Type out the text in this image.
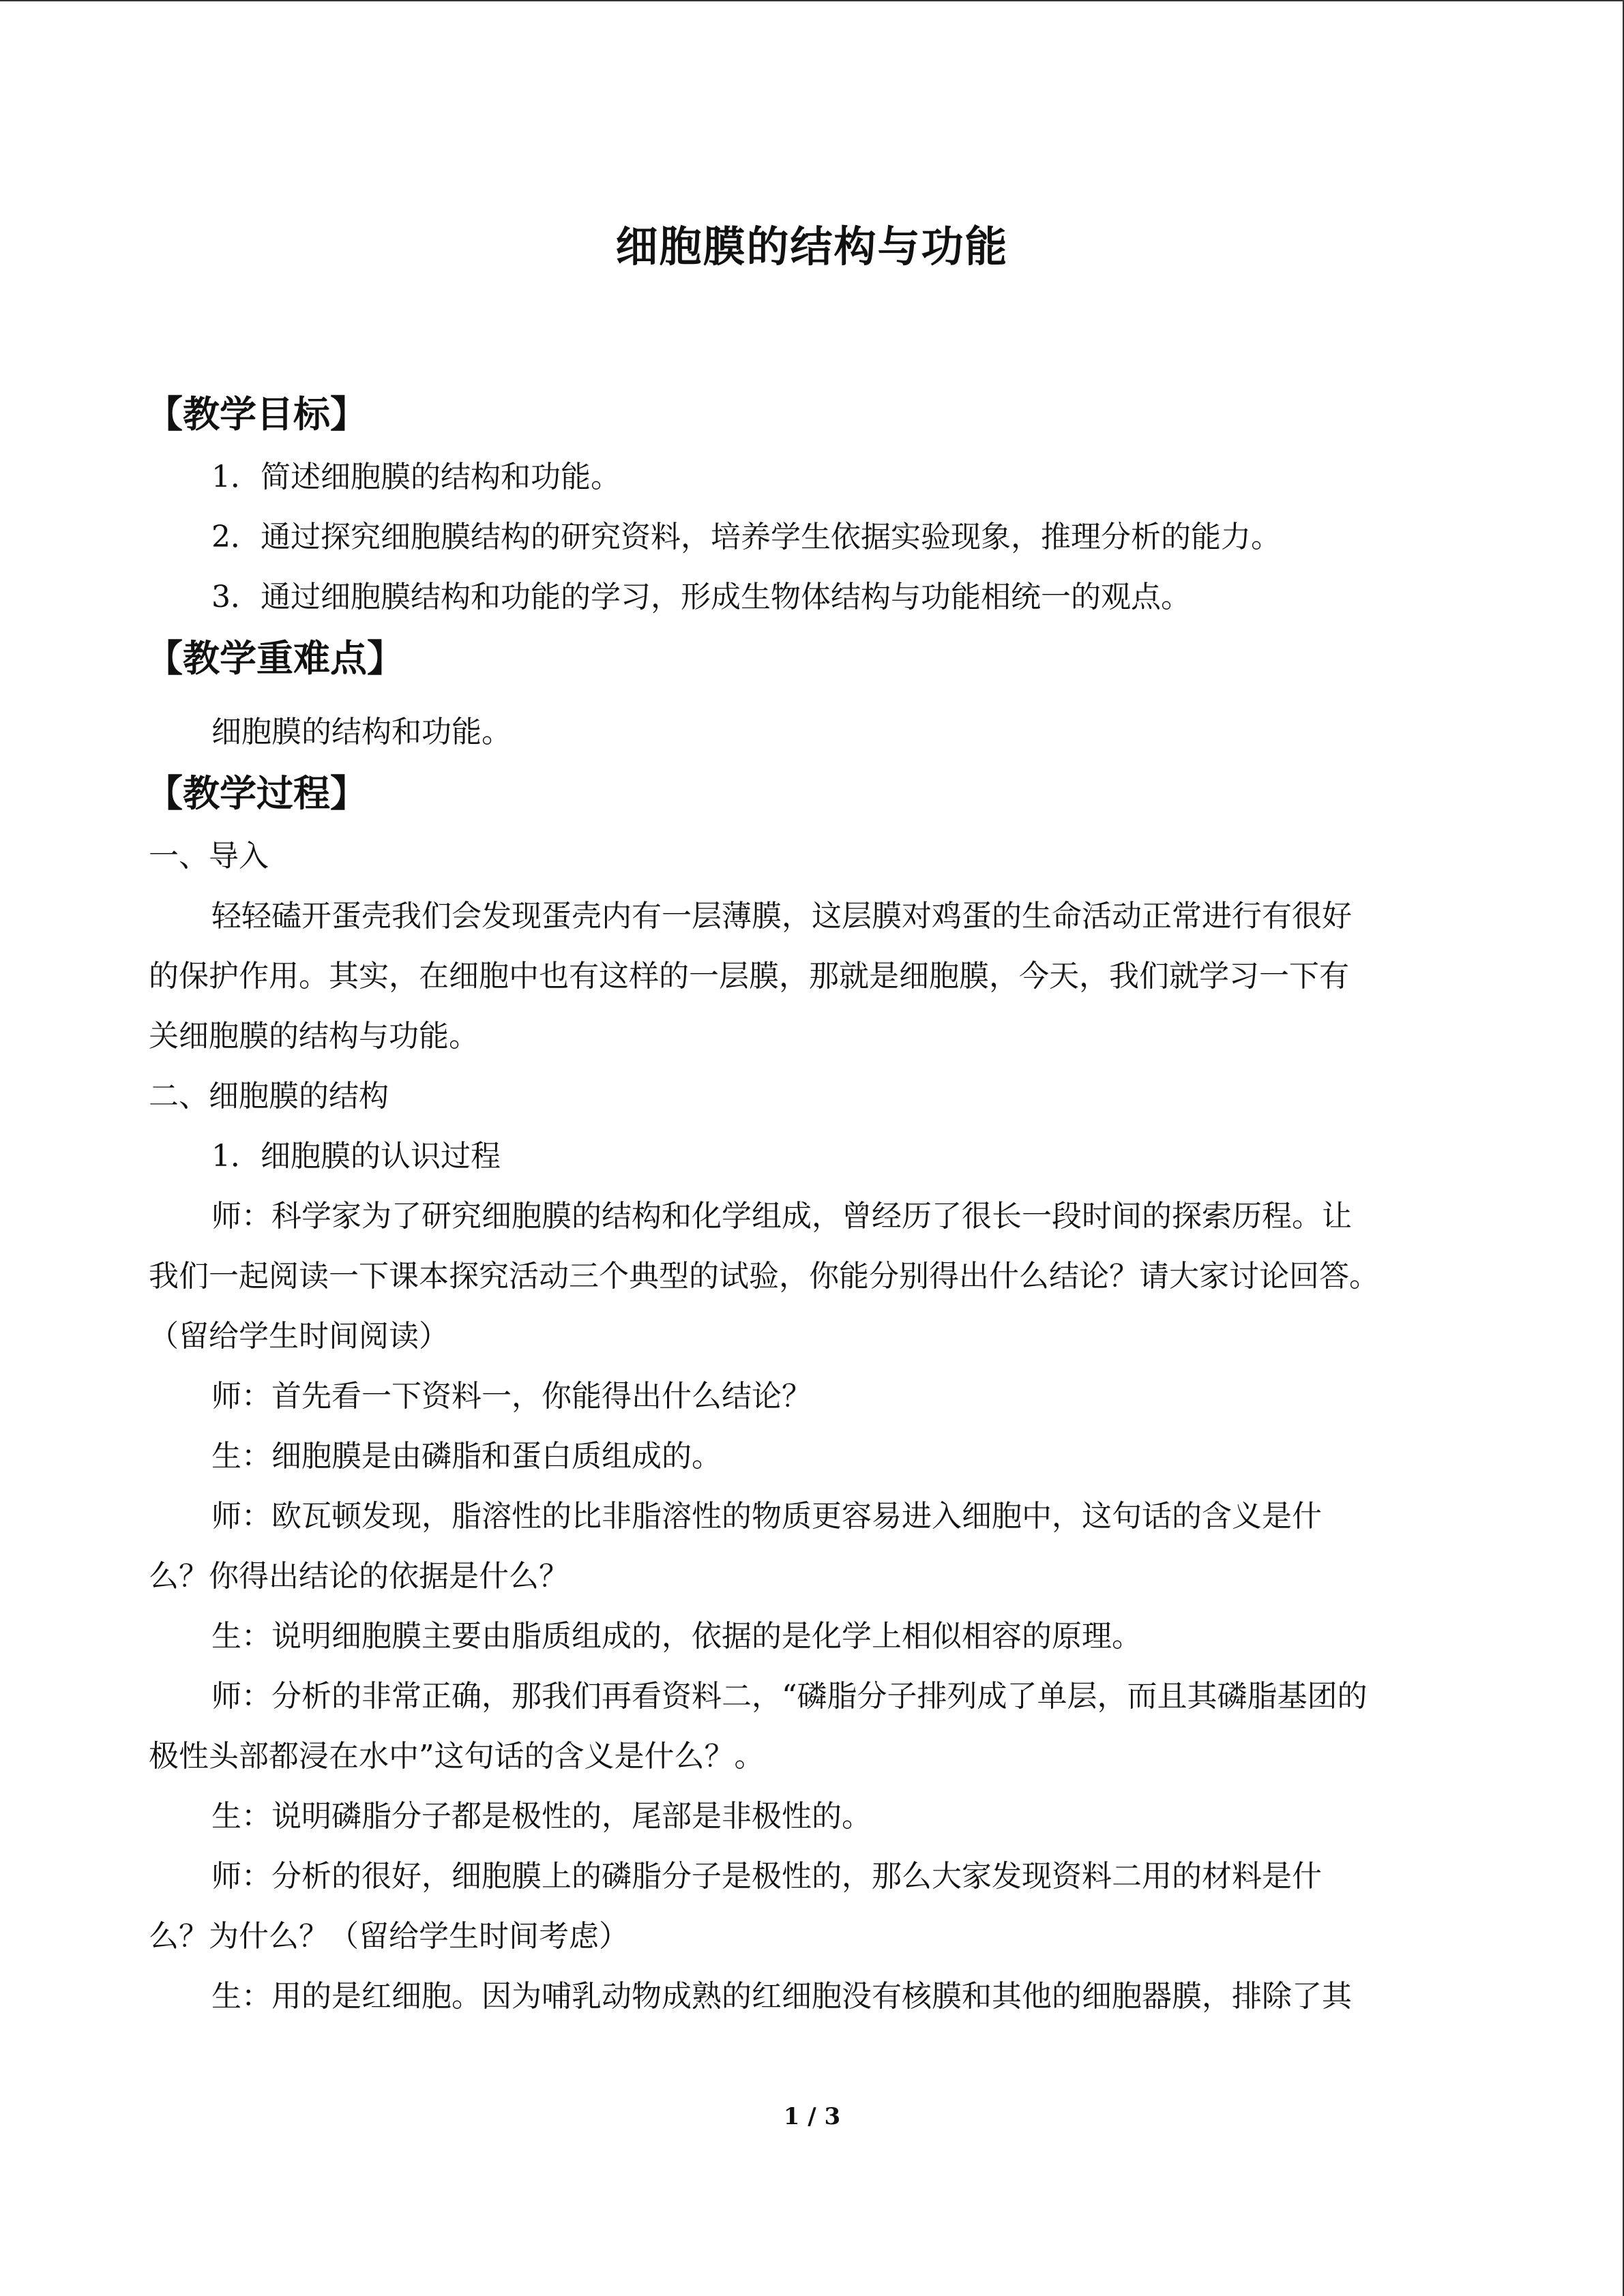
细胞膜的结构与功能
【教学目标】
1．简述细胞膜的结构和功能。
2．通过探究细胞膜结构的研究资料，培养学生依据实验现象，推理分析的能力。
3．通过细胞膜结构和功能的学习，形成生物体结构与功能相统一的观点。
【教学重难点】
细胞膜的结构和功能。
【教学过程】
一、导入
轻轻磕开蛋壳我们会发现蛋壳内有一层薄膜，这层膜对鸡蛋的生命活动正常进行有很好
的保护作用。其实，在细胞中也有这样的一层膜，那就是细胞膜，今天，我们就学习一下有
关细胞膜的结构与功能。
二、细胞膜的结构
1．细胞膜的认识过程
师：科学家为了研究细胞膜的结构和化学组成，曾经历了很长一段时间的探索历程。让
我们一起阅读一下课本探究活动三个典型的试验，你能分别得出什么结论？请大家讨论回答。
（留给学生时间阅读）
师：首先看一下资料一，你能得出什么结论？
生：细胞膜是由磷脂和蛋白质组成的。
师：欧瓦顿发现，脂溶性的比非脂溶性的物质更容易进入细胞中，这句话的含义是什
么？你得出结论的依据是什么？
生：说明细胞膜主要由脂质组成的，依据的是化学上相似相容的原理。
师：分析的非常正确，那我们再看资料二，“磷脂分子排列成了单层，而且其磷脂基团的
极性头部都浸在水中”这句话的含义是什么？。
生：说明磷脂分子都是极性的，尾部是非极性的。
师：分析的很好，细胞膜上的磷脂分子是极性的，那么大家发现资料二用的材料是什
么？为什么？（留给学生时间考虑）
生：用的是红细胞。因为哺乳动物成熟的红细胞没有核膜和其他的细胞器膜，排除了其
1 / 3
